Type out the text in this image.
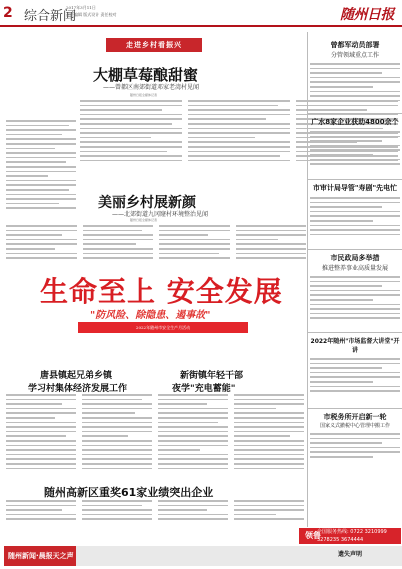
2 综合新闻
2017年3月11日
责任编辑 版式设计 责任校对	随州日报
走进乡村看振兴
大棚草莓酿甜蜜
——曾都区南郊街道邓家老湾村见闻
随州日报全媒体记者
美丽乡村展新颜
——北郊街道九冈窿村环境整治见闻
随州日报全媒体记者
曾都军动员部署
分管领域重点工作
广水8家企业获助4800余个
市审计局导管"寿剧"先电忙
市民政局多举措
推进整养事业高质量发展
2022年随州"市场监督大讲堂"开讲
市税务所开启新一轮
国家义式撤税中心管理中搬工作
生命至上 安全发展
"防风险、除隐患、遏事故"
2022年随州市安全生产月活动
唐县镇起兄弟乡镇
学习村集体经济发展工作
新街镇年轻干部
夜学"充电蓄能"
随州高新区重奖61家业绩突出企业
随州新闻·晨报天之声
全国服务热线: 0722 3210999
3278235 3674444
领鲁
遗失声明
